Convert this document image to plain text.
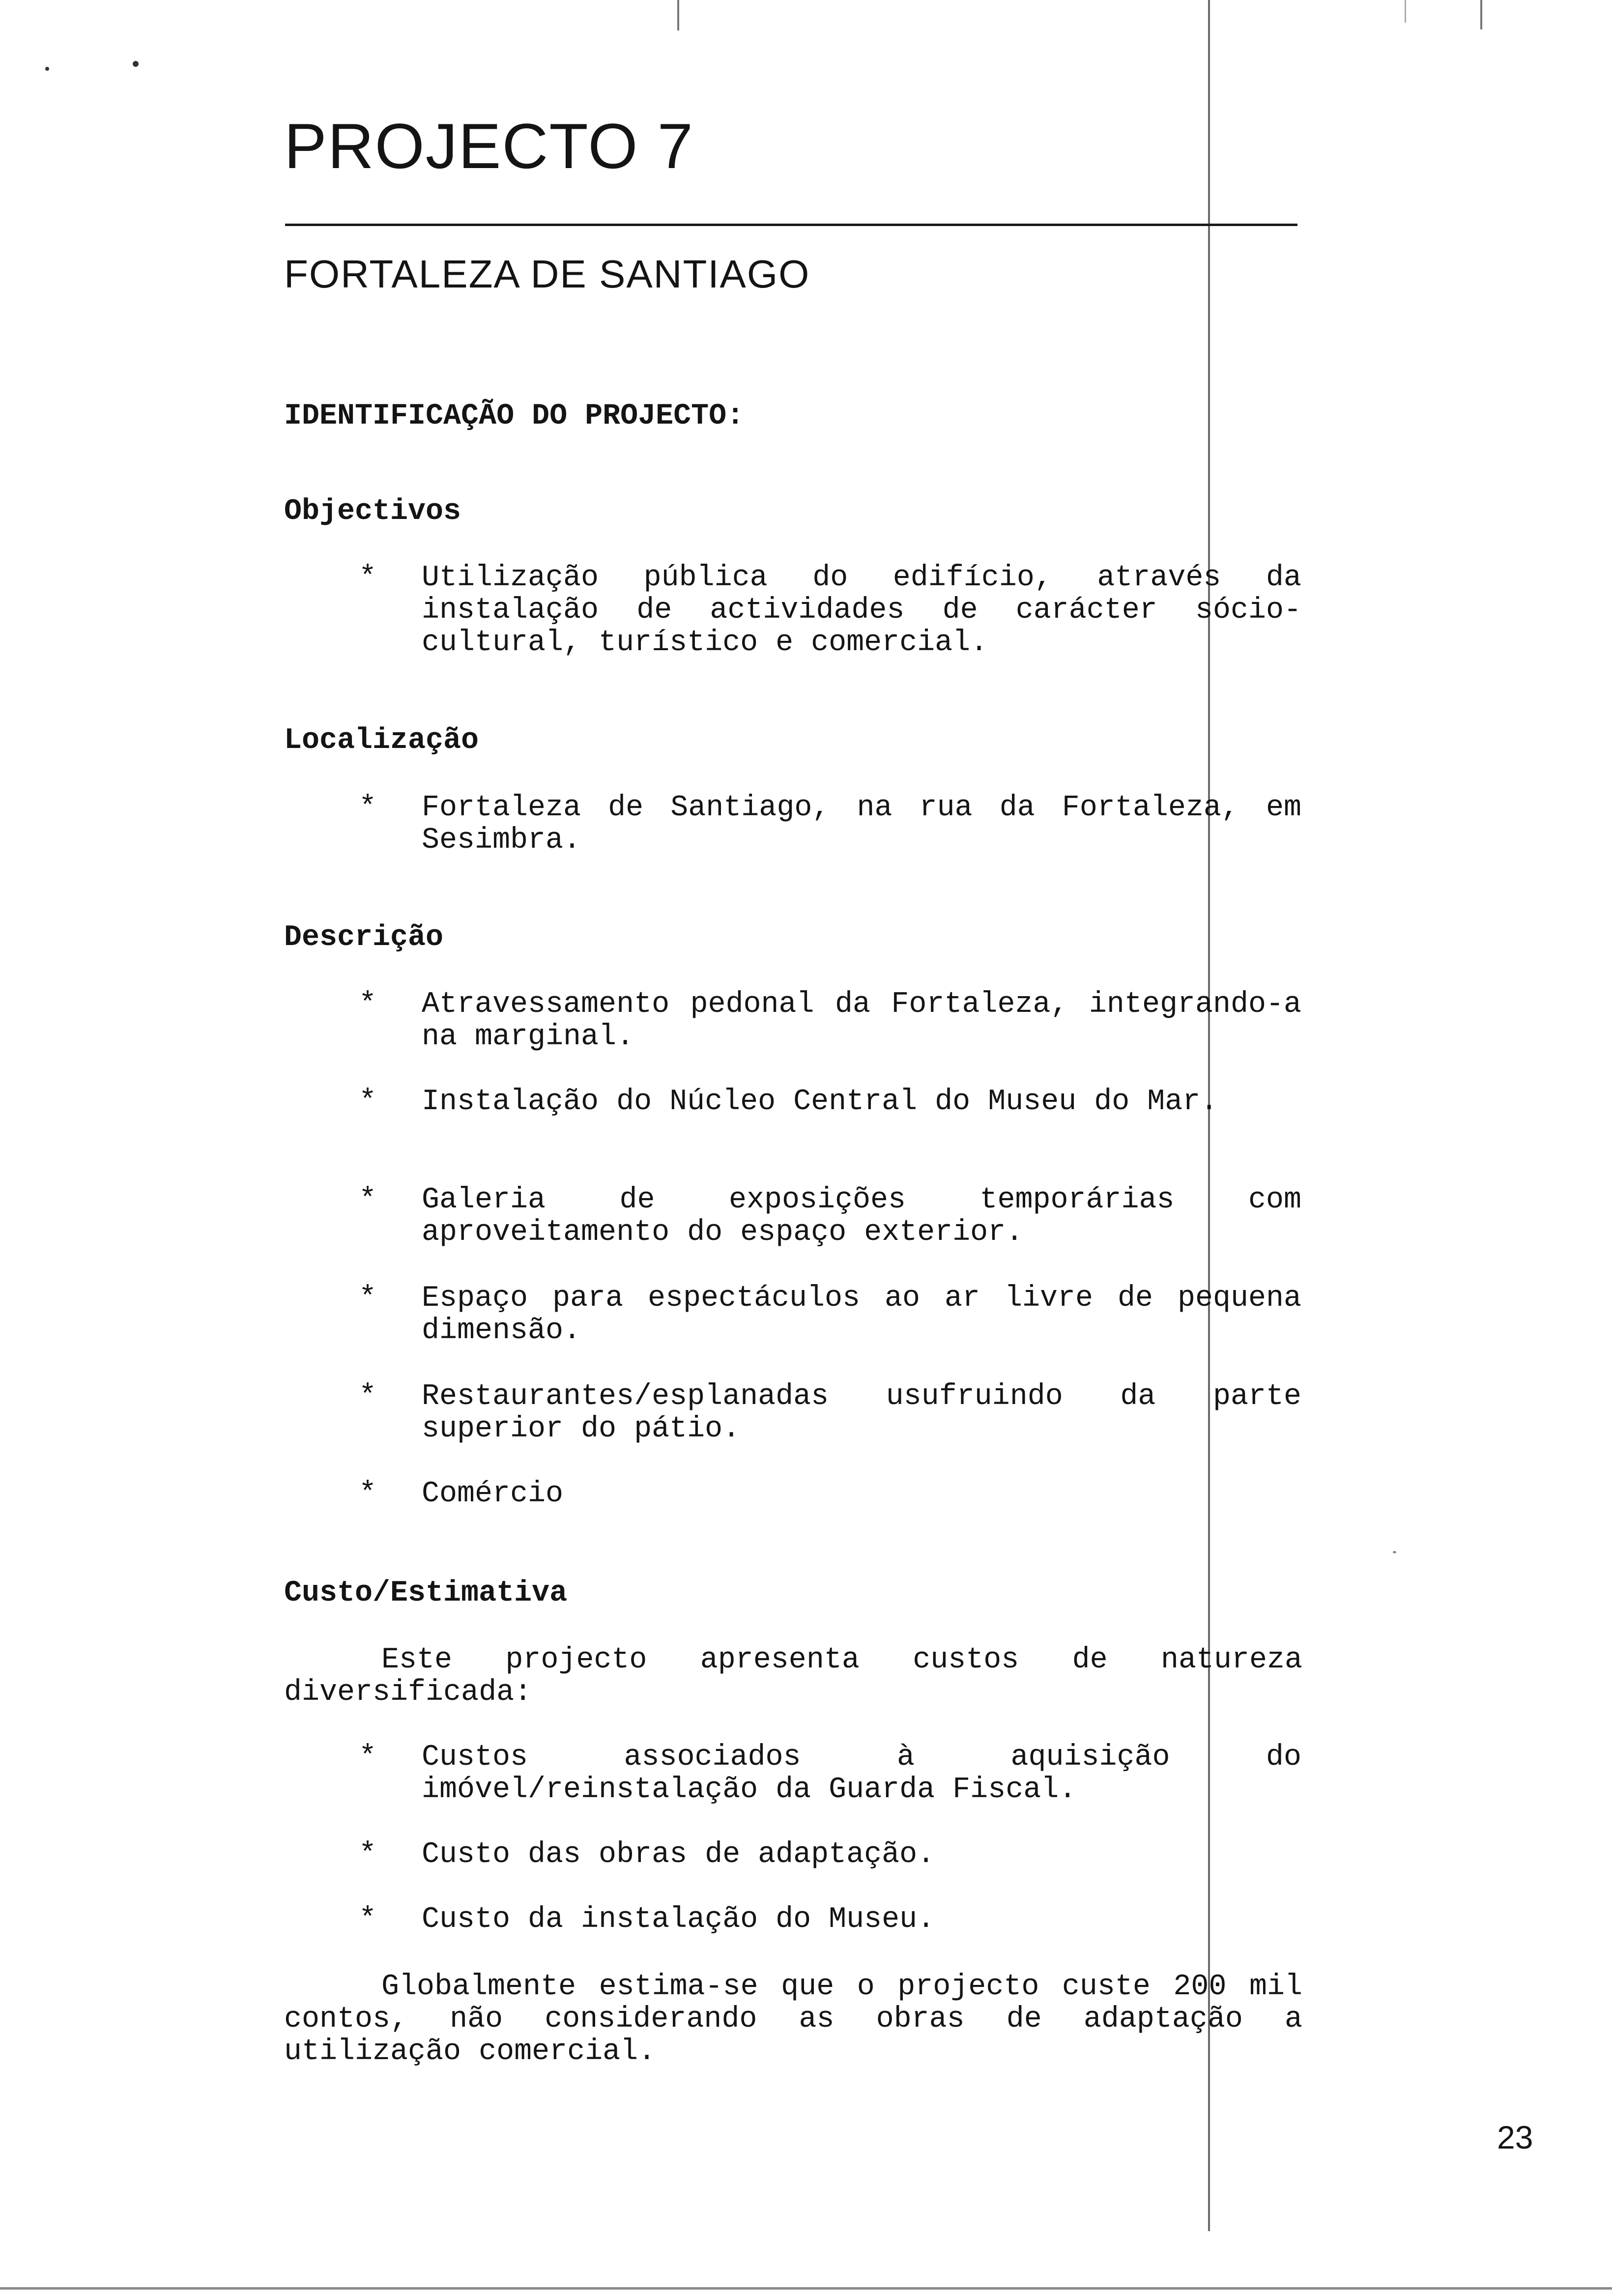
PROJECTO 7
FORTALEZA DE SANTIAGO
IDENTIFICAÇÃO DO PROJECTO:
Objectivos
* Utilização pública do edifício, através da instalação de actividades de carácter sócio-cultural, turístico e comercial.
Localização
* Fortaleza de Santiago, na rua da Fortaleza, em Sesimbra.
Descrição
* Atravessamento pedonal da Fortaleza, integrando-a na marginal.
* Instalação do Núcleo Central do Museu do Mar.
* Galeria de exposições temporárias com aproveitamento do espaço exterior.
* Espaço para espectáculos ao ar livre de pequena dimensão.
* Restaurantes/esplanadas usufruindo da parte superior do pátio.
* Comércio
Custo/Estimativa

Este projecto apresenta custos de natureza diversificada:

* Custos associados à aquisição do imóvel/reinstalação da Guarda Fiscal.
* Custo das obras de adaptação.
* Custo da instalação do Museu.

Globalmente estima-se que o projecto custe 200 mil contos, não considerando as obras de adaptação a utilização comercial.

23
